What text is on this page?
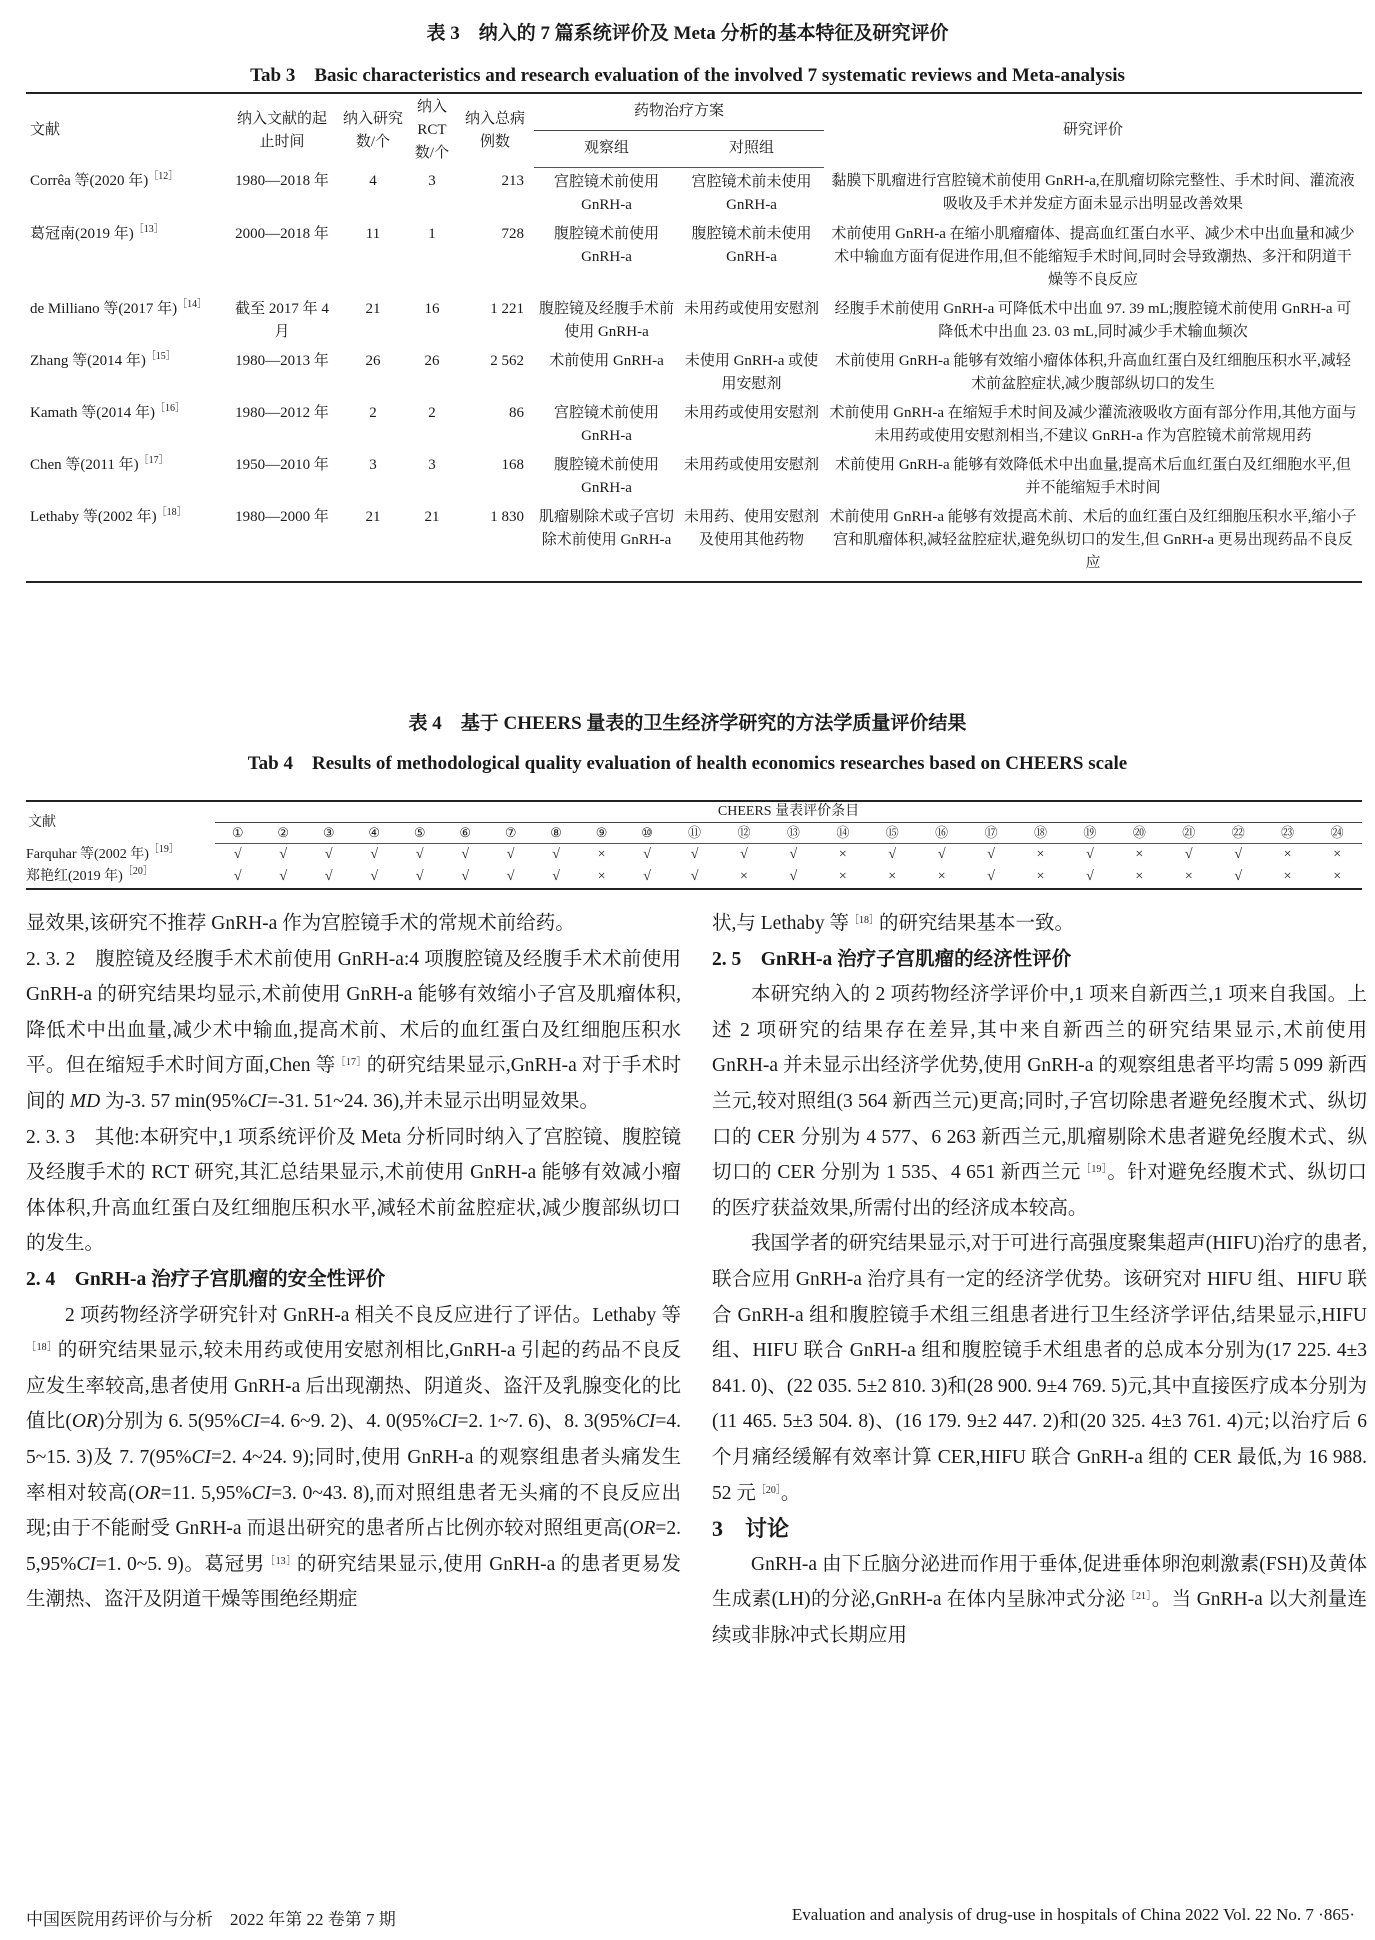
表 3　纳入的 7 篇系统评价及 Meta 分析的基本特征及研究评价
Tab 3　Basic characteristics and research evaluation of the involved 7 systematic reviews and Meta-analysis
文献	纳入文献的起止时间	纳入研究数/个	纳入RCT数/个	纳入总病例数	药物治疗方案		研究评价
					观察组	对照组	
Corrêa 等(2020 年)$^{[12]}$	1980—2018 年	4	3	213	宫腔镜术前使用 GnRH-a	宫腔镜术前未使用 GnRH-a	黏膜下肌瘤进行宫腔镜术前使用 GnRH-a,在肌瘤切除完整性、手术时间、灌流液吸收及手术并发症方面未显示出明显改善效果
葛冠南(2019 年)$^{[13]}$	2000—2018 年	11	1	728	腹腔镜术前使用 GnRH-a	腹腔镜术前未使用 GnRH-a	术前使用 GnRH-a 在缩小肌瘤瘤体、提高血红蛋白水平、减少术中出血量和减少术中输血方面有促进作用,但不能缩短手术时间,同时会导致潮热、多汗和阴道干燥等不良反应
de Milliano 等(2017 年)$^{[14]}$	截至 2017 年 4 月	21	16	1 221	腹腔镜及经腹手术前使用 GnRH-a	未用药或使用安慰剂	经腹手术前使用 GnRH-a 可降低术中出血 97. 39 mL;腹腔镜术前使用 GnRH-a 可降低术中出血 23. 03 mL,同时减少手术输血频次
Zhang 等(2014 年)$^{[15]}$	1980—2013 年	26	26	2 562	术前使用 GnRH-a	未使用 GnRH-a 或使用安慰剂	术前使用 GnRH-a 能够有效缩小瘤体体积,升高血红蛋白及红细胞压积水平,减轻术前盆腔症状,减少腹部纵切口的发生
Kamath 等(2014 年)$^{[16]}$	1980—2012 年	2	2	86	宫腔镜术前使用 GnRH-a	未用药或使用安慰剂	术前使用 GnRH-a 在缩短手术时间及减少灌流液吸收方面有部分作用,其他方面与未用药或使用安慰剂相当,不建议 GnRH-a 作为宫腔镜术前常规用药
Chen 等(2011 年)$^{[17]}$	1950—2010 年	3	3	168	腹腔镜术前使用 GnRH-a	未用药或使用安慰剂	术前使用 GnRH-a 能够有效降低术中出血量,提高术后血红蛋白及红细胞水平,但并不能缩短手术时间
Lethaby 等(2002 年)$^{[18]}$	1980—2000 年	21	21	1 830	肌瘤剔除术或子宫切除术前使用 GnRH-a	未用药、使用安慰剂及使用其他药物	术前使用 GnRH-a 能够有效提高术前、术后的血红蛋白及红细胞压积水平,缩小子宫和肌瘤体积,减轻盆腔症状,避免纵切口的发生,但 GnRH-a 更易出现药品不良反应
表 4　基于 CHEERS 量表的卫生经济学研究的方法学质量评价结果
Tab 4　Results of methodological quality evaluation of health economics researches based on CHEERS scale
文献	CHEERS 量表评价条目																							
	①	②	③	④	⑤	⑥	⑦	⑧	⑨	⑩	⑪	⑫	⑬	⑭	⑮	⑯	⑰	⑱	⑲	⑳	㉑	㉒	㉓	㉔
Farquhar 等(2002 年)$^{[19]}$	√	√	√	√	√	√	√	√	×	√	√	√	√	×	√	√	√	×	√	×	√	√	×	×
郑艳红(2019 年)$^{[20]}$	√	√	√	√	√	√	√	√	×	√	√	×	√	×	×	×	√	×	√	×	×	√	×	×

显效果,该研究不推荐 GnRH-a 作为宫腔镜手术的常规术前给药。

2. 3. 2　腹腔镜及经腹手术术前使用 GnRH-a:4 项腹腔镜及经腹手术术前使用 GnRH-a 的研究结果均显示,术前使用 GnRH-a 能够有效缩小子宫及肌瘤体积,降低术中出血量,减少术中输血,提高术前、术后的血红蛋白及红细胞压积水平。但在缩短手术时间方面,Chen 等$^{[17]}$的研究结果显示,GnRH-a 对于手术时间的 MD 为-3. 57 min(95%CI=-31. 51~24. 36),并未显示出明显效果。

2. 3. 3　其他:本研究中,1 项系统评价及 Meta 分析同时纳入了宫腔镜、腹腔镜及经腹手术的 RCT 研究,其汇总结果显示,术前使用 GnRH-a 能够有效减小瘤体体积,升高血红蛋白及红细胞压积水平,减轻术前盆腔症状,减少腹部纵切口的发生。

2. 4　GnRH-a 治疗子宫肌瘤的安全性评价

2 项药物经济学研究针对 GnRH-a 相关不良反应进行了评估。Lethaby 等$^{[18]}$的研究结果显示,较未用药或使用安慰剂相比,GnRH-a 引起的药品不良反应发生率较高,患者使用 GnRH-a 后出现潮热、阴道炎、盗汗及乳腺变化的比值比(OR)分别为 6. 5(95%CI=4. 6~9. 2)、4. 0(95%CI=2. 1~7. 6)、8. 3(95%CI=4. 5~15. 3)及 7. 7(95%CI=2. 4~24. 9);同时,使用 GnRH-a 的观察组患者头痛发生率相对较高(OR=11. 5,95%CI=3. 0~43. 8),而对照组患者无头痛的不良反应出现;由于不能耐受 GnRH-a 而退出研究的患者所占比例亦较对照组更高(OR=2. 5,95%CI=1. 0~5. 9)。葛冠男$^{[13]}$的研究结果显示,使用 GnRH-a 的患者更易发生潮热、盗汗及阴道干燥等围绝经期症

状,与 Lethaby 等$^{[18]}$的研究结果基本一致。

2. 5　GnRH-a 治疗子宫肌瘤的经济性评价

本研究纳入的 2 项药物经济学评价中,1 项来自新西兰,1 项来自我国。上述 2 项研究的结果存在差异,其中来自新西兰的研究结果显示,术前使用 GnRH-a 并未显示出经济学优势,使用 GnRH-a 的观察组患者平均需 5 099 新西兰元,较对照组(3 564 新西兰元)更高;同时,子宫切除患者避免经腹术式、纵切口的 CER 分别为 4 577、6 263 新西兰元,肌瘤剔除术患者避免经腹术式、纵切口的 CER 分别为 1 535、4 651 新西兰元$^{[19]}$。针对避免经腹术式、纵切口的医疗获益效果,所需付出的经济成本较高。

我国学者的研究结果显示,对于可进行高强度聚集超声(HIFU)治疗的患者,联合应用 GnRH-a 治疗具有一定的经济学优势。该研究对 HIFU 组、HIFU 联合 GnRH-a 组和腹腔镜手术组三组患者进行卫生经济学评估,结果显示,HIFU 组、HIFU 联合 GnRH-a 组和腹腔镜手术组患者的总成本分别为(17 225. 4±3 841. 0)、(22 035. 5±2 810. 3)和(28 900. 9±4 769. 5)元,其中直接医疗成本分别为(11 465. 5±3 504. 8)、(16 179. 9±2 447. 2)和(20 325. 4±3 761. 4)元;以治疗后 6 个月痛经缓解有效率计算 CER,HIFU 联合 GnRH-a 组的 CER 最低,为 16 988. 52 元$^{[20]}$。

3　讨论

GnRH-a 由下丘脑分泌进而作用于垂体,促进垂体卵泡刺激素(FSH)及黄体生成素(LH)的分泌,GnRH-a 在体内呈脉冲式分泌$^{[21]}$。当 GnRH-a 以大剂量连续或非脉冲式长期应用

中国医院用药评价与分析　2022 年第 22 卷第 7 期	Evaluation and analysis of drug-use in hospitals of China 2022 Vol. 22 No. 7 ·865·
